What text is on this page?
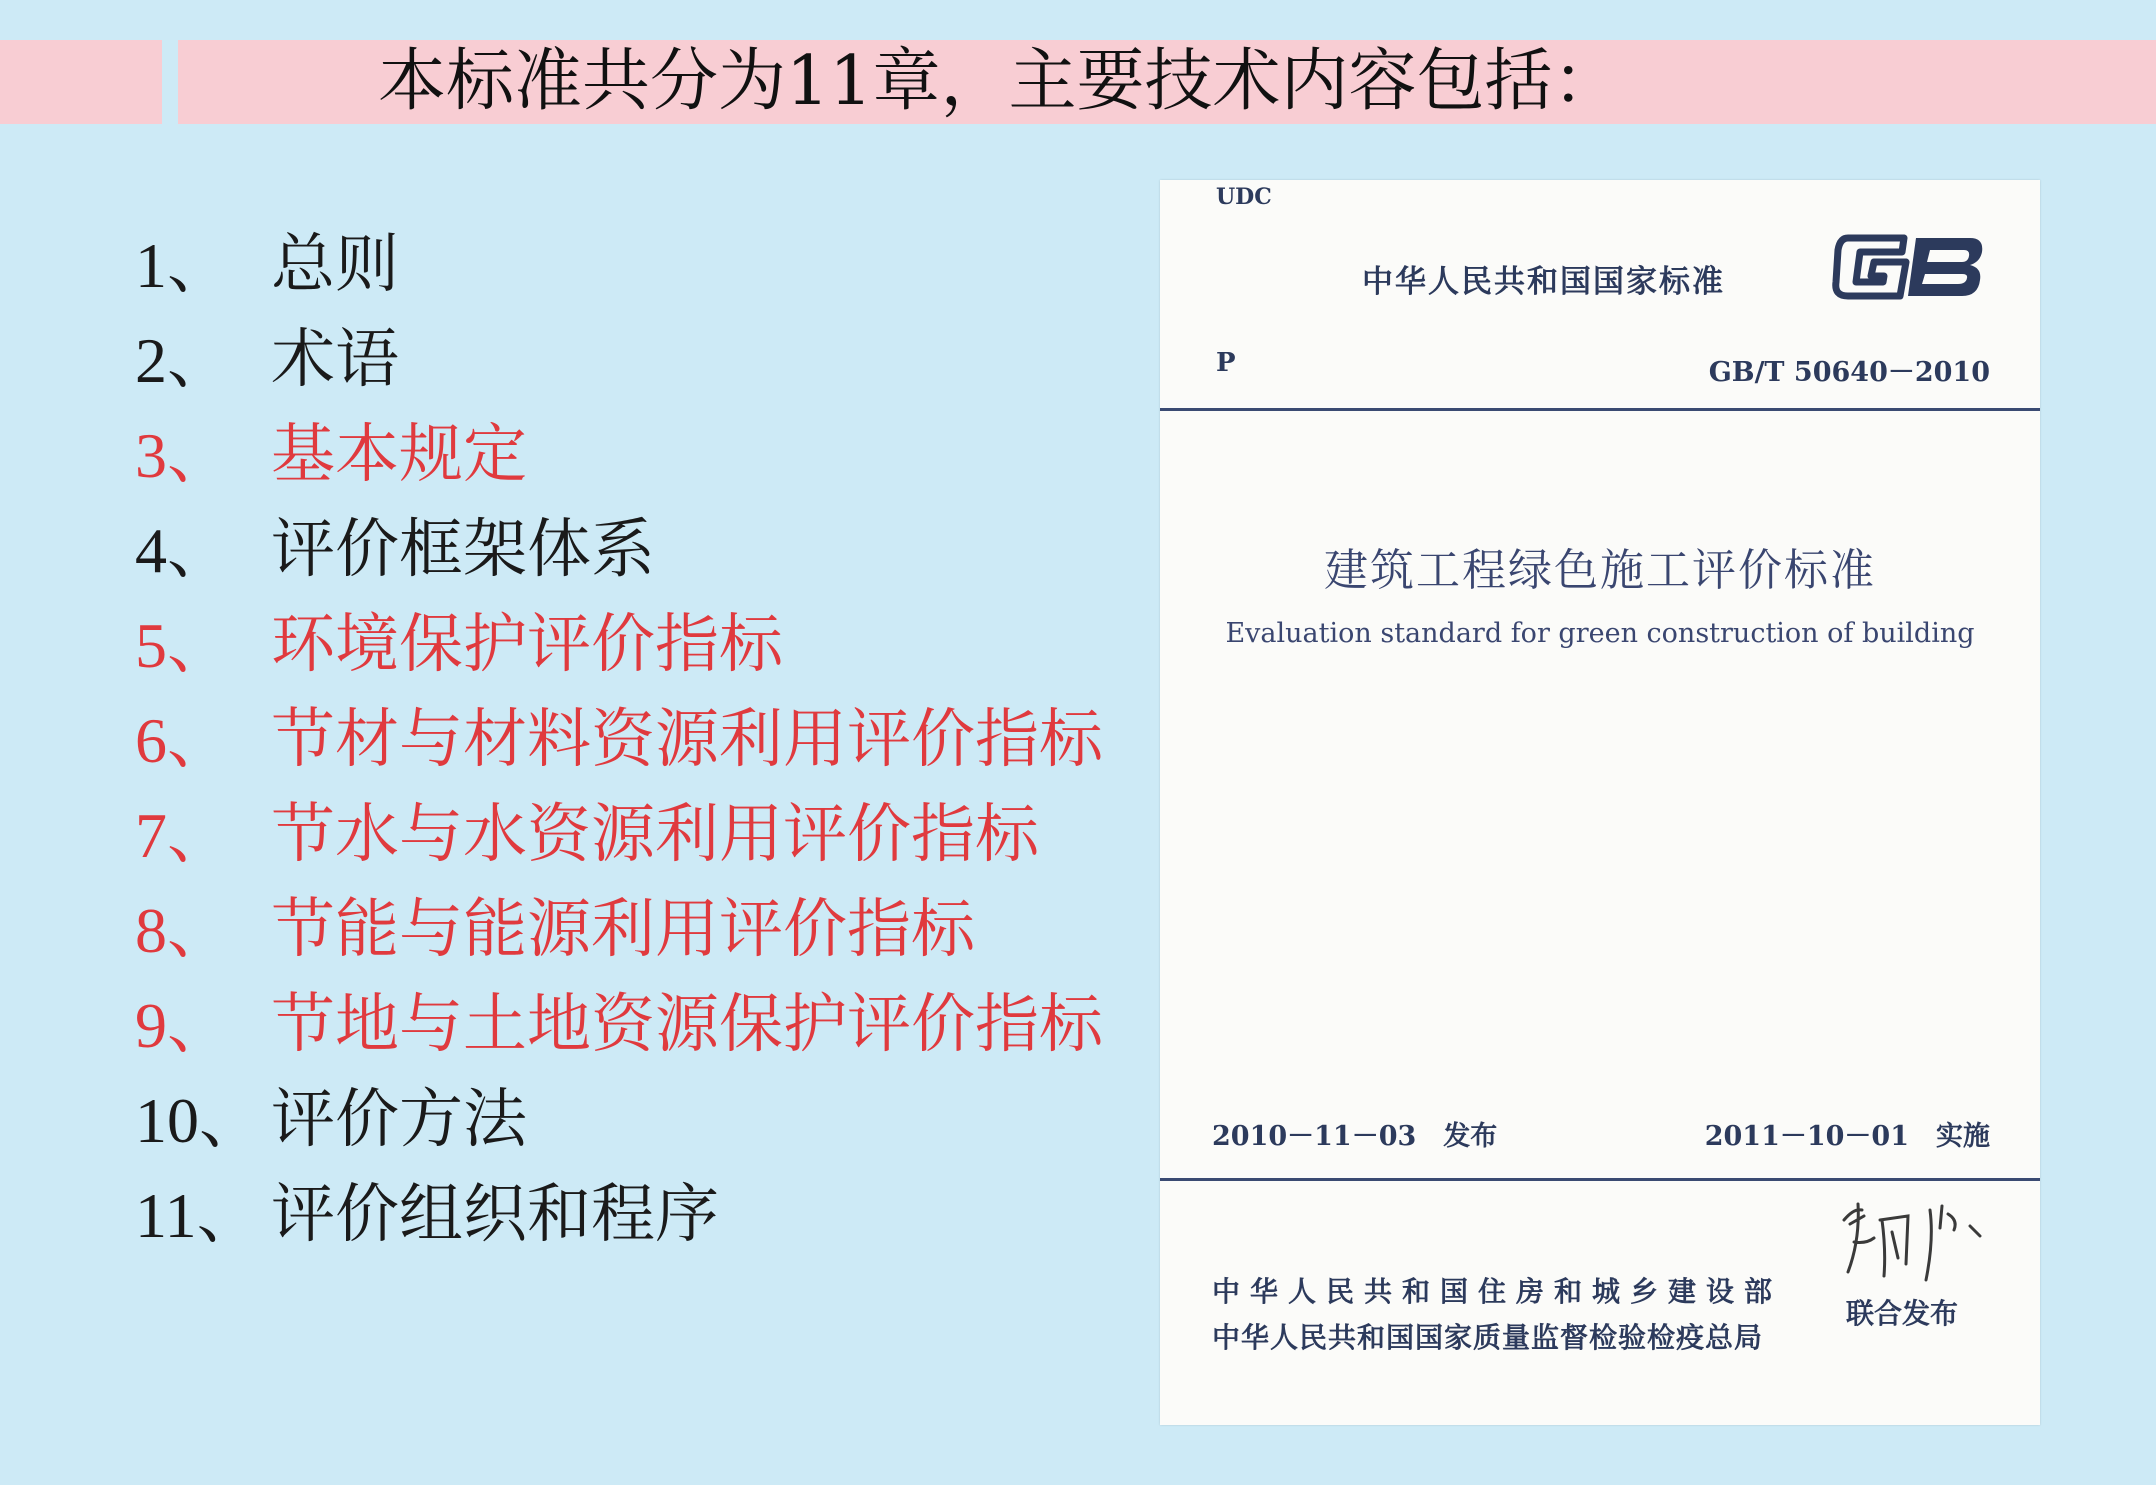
本标准共分为11章，主要技术内容包括：
1、 总则
2、 术语
3、 基本规定
4、 评价框架体系
5、 环境保护评价指标
6、 节材与材料资源利用评价指标
7、 节水与水资源利用评价指标
8、 节能与能源利用评价指标
9、 节地与土地资源保护评价指标
10、 评价方法
11、 评价组织和程序
UDC
中华人民共和国国家标准
GB
P	GB/T 50640－2010
建筑工程绿色施工评价标准
Evaluation standard for green construction of building
2010－11－03　发布	2011－10－01　实施
中华人民共和国住房和城乡建设部
中华人民共和国国家质量监督检验检疫总局
联合发布
